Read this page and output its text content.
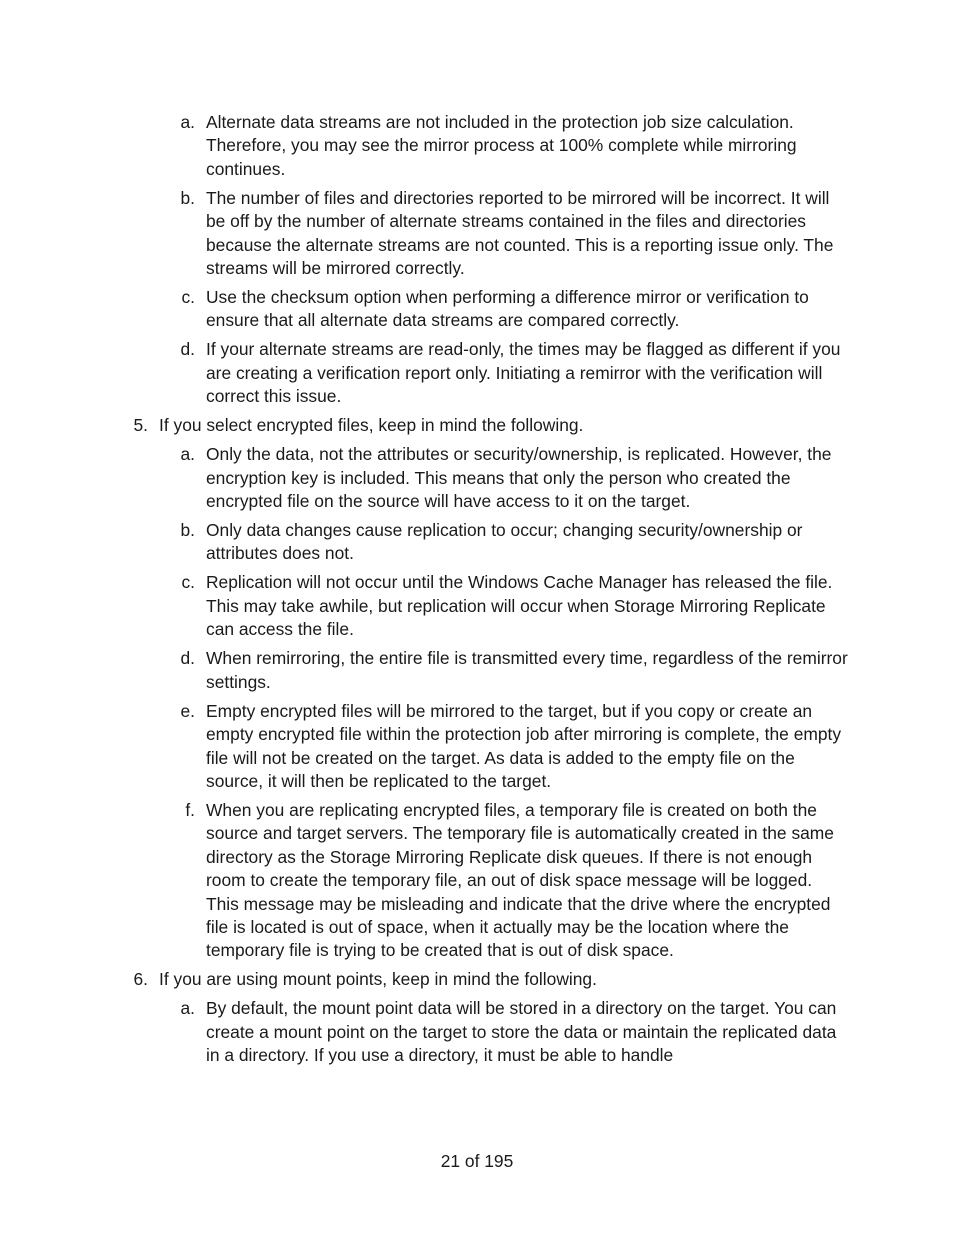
a. Alternate data streams are not included in the protection job size calculation. Therefore, you may see the mirror process at 100% complete while mirroring continues.
b. The number of files and directories reported to be mirrored will be incorrect. It will be off by the number of alternate streams contained in the files and directories because the alternate streams are not counted. This is a reporting issue only. The streams will be mirrored correctly.
c. Use the checksum option when performing a difference mirror or verification to ensure that all alternate data streams are compared correctly.
d. If your alternate streams are read-only, the times may be flagged as different if you are creating a verification report only. Initiating a remirror with the verification will correct this issue.
5. If you select encrypted files, keep in mind the following.
a. Only the data, not the attributes or security/ownership, is replicated. However, the encryption key is included. This means that only the person who created the encrypted file on the source will have access to it on the target.
b. Only data changes cause replication to occur; changing security/ownership or attributes does not.
c. Replication will not occur until the Windows Cache Manager has released the file. This may take awhile, but replication will occur when Storage Mirroring Replicate can access the file.
d. When remirroring, the entire file is transmitted every time, regardless of the remirror settings.
e. Empty encrypted files will be mirrored to the target, but if you copy or create an empty encrypted file within the protection job after mirroring is complete, the empty file will not be created on the target. As data is added to the empty file on the source, it will then be replicated to the target.
f. When you are replicating encrypted files, a temporary file is created on both the source and target servers. The temporary file is automatically created in the same directory as the Storage Mirroring Replicate disk queues. If there is not enough room to create the temporary file, an out of disk space message will be logged. This message may be misleading and indicate that the drive where the encrypted file is located is out of space, when it actually may be the location where the temporary file is trying to be created that is out of disk space.
6. If you are using mount points, keep in mind the following.
a. By default, the mount point data will be stored in a directory on the target. You can create a mount point on the target to store the data or maintain the replicated data in a directory. If you use a directory, it must be able to handle
21 of 195
